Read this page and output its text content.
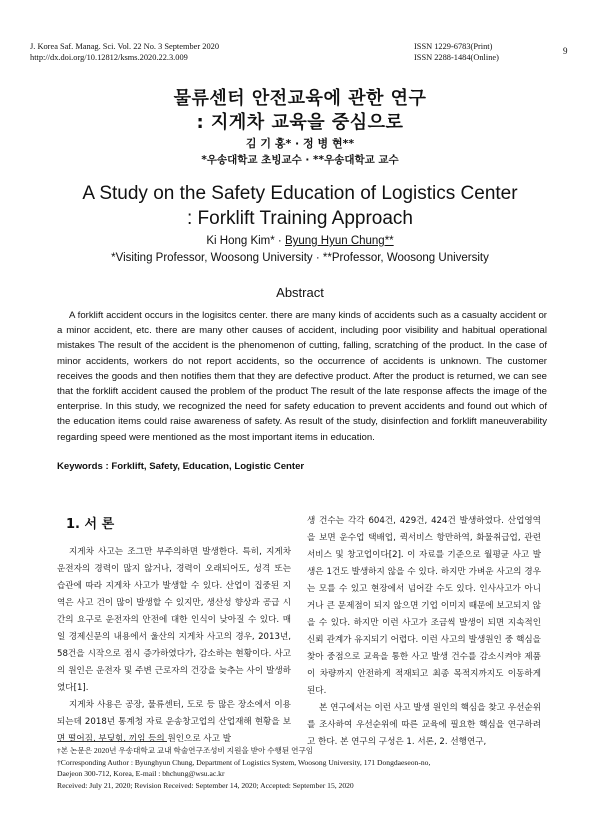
J. Korea Saf. Manag. Sci. Vol. 22 No. 3 September 2020
http://dx.doi.org/10.12812/ksms.2020.22.3.009
ISSN 1229-6783(Print)
ISSN 2288-1484(Online)
9
물류센터 안전교육에 관한 연구
: 지게차 교육을 중심으로
김 기 홍* · 정 병 현**
*우송대학교 초빙교수 · **우송대학교 교수
A Study on the Safety Education of Logistics Center
: Forklift Training Approach
Ki Hong Kim* · Byung Hyun Chung**
*Visiting Professor, Woosong University · **Professor, Woosong University
Abstract
A forklift accident occurs in the logisitcs center. there are many kinds of accidents such as a casualty accident or a minor accident, etc. there are many other causes of accident, including poor visibility and habitual operational mistakes The result of the accident is the phenomenon of cutting, falling, scratching of the product. In the case of minor accidents, workers do not report accidents, so the occurrence of accidents is unknown. The customer receives the goods and then notifies them that they are defective product. After the product is returned, we can see that the forklift accident caused the problem of the product The result of the late response affects the image of the enterprise. In this study, we recognized the need for safety education to prevent accidents and found out which of the education items could raise awareness of safety. As result of the study, disinfection and forklift maneuverability regarding speed were mentioned as the most important items in education.
Keywords : Forklift, Safety, Education, Logistic Center
1. 서 론

지게차 사고는 조그만 부주의하면 발생한다. 특히, 지게차 운전자의 경력이 많지 않거나, 경력이 오래되어도, 성격 또는 습관에 따라 지게차 사고가 발생할 수 있다. 산업이 집중된 지역은 사고 건이 많이 발생할 수 있지만, 생산성 향상과 공급 시간의 요구로 운전자의 안전에 대한 인식이 낮아질 수 있다. 매일 경제신문의 내용에서 울산의 지게차 사고의 경우, 2013년, 58건을 시작으로 점시 증가하였다가, 감소하는 현황이다. 사고의 원인은 운전자 및 주변 근로자의 건강을 늦추는 사이 발생하였다[1].

지게차 사용은 공장, 물류센터, 도로 등 많은 장소에서 이용되는데 2018년 통계청 자료 운송창고업의 산업재해 현황을 보면 떨어짐, 부딪힘, 끼임 등의 원인으로 사고 발

생 건수는 각각 604건, 429건, 424건 발생하였다. 산업영역을 보면 운수업 택배업, 퀵서비스 항만하역, 화물취급업, 관련 서비스 및 창고업이다[2]. 이 자료를 기준으로 월평균 사고 발생은 1건도 발생하지 않을 수 있다. 하지만 가벼운 사고의 경우는 모를 수 있고 현장에서 넘어갈 수도 있다. 인사사고가 아니거나 큰 문제점이 되지 않으면 기업 이미지 때문에 보고되지 않을 수 있다. 하지만 이런 사고가 조금씩 발생이 되면 지속적인 신뢰 관계가 유지되기 어렵다. 이런 사고의 발생원인 중 핵심을 찾아 중점으로 교육을 통한 사고 발생 건수를 감소시켜야 제품이 차량까지 안전하게 적재되고 최종 목적지까지도 이동하게 된다.

본 연구에서는 이런 사고 발생 원인의 핵심을 찾고 우선순위를 조사하여 우선순위에 따른 교육에 필요한 핵심을 연구하려고 한다. 본 연구의 구성은 1. 서론, 2. 선행연구,

†본 논문은 2020년 우송대학교 교내 학술연구조성비 지원을 받아 수행된 연구임
†Corresponding Author : Byunghyun Chung, Department of Logistics System, Woosong University, 171 Dongdaeseon-no,
Daejeon 300-712, Korea, E-mail : bhchung@wsu.ac.kr
Received: July 21, 2020; Revision Received: September 14, 2020; Accepted: September 15, 2020
